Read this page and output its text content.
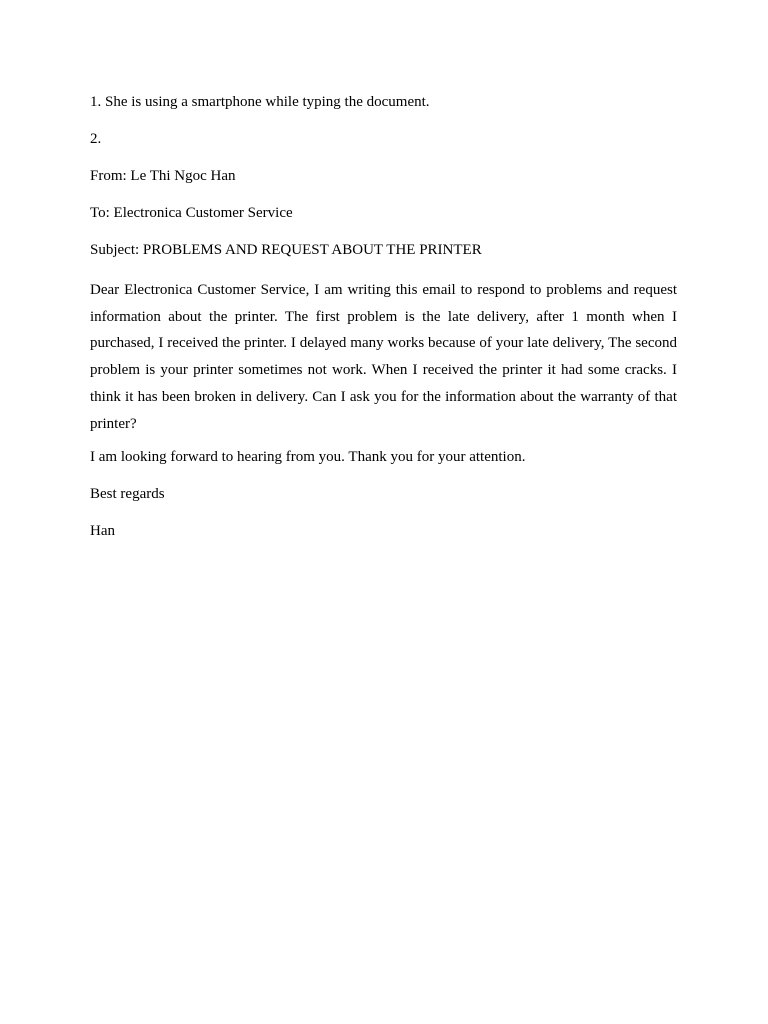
1. She is using a smartphone while typing the document.

2.

From: Le Thi Ngoc Han

To: Electronica Customer Service

Subject: PROBLEMS AND REQUEST ABOUT THE PRINTER

Dear Electronica Customer Service, I am writing this email to respond to problems and request information about the printer. The first problem is the late delivery, after 1 month when I purchased, I received the printer. I delayed many works because of your late delivery, The second problem is your printer sometimes not work. When I received the printer it had some cracks. I think it has been broken in delivery. Can I ask you for the information about the warranty of that printer?

I am looking forward to hearing from you. Thank you for your attention.

Best regards

Han
